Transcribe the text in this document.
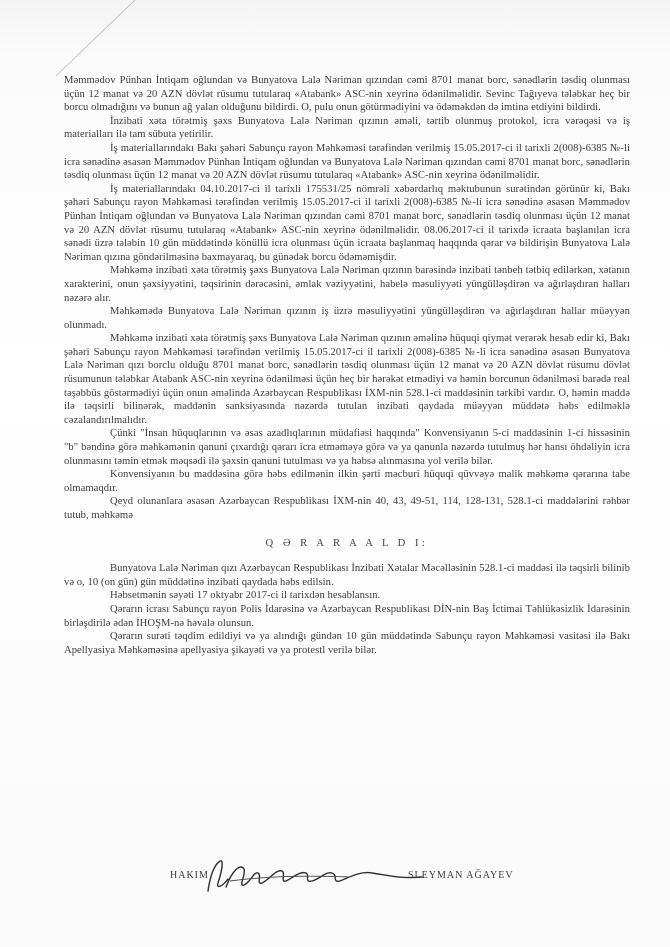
Məmmədov Pünhan İntiqam oğlundan və Bunyatova Lalə Nəriman qızından cəmi 8701 manat borc, sənədlərin təsdiq olunması üçün 12 manat və 20 AZN dövlət rüsumu tutularaq «Atabank» ASC-nin xeyrinə ödənilməlidir. Sevinc Tağıyeva tələbkar heç bir borcu olmadığını və bunun ağ yalan olduğunu bildirdi. O, pulu onun götürmədiyini və ödəməkdən də imtina etdiyini bildirdi.

İnzibati xəta törətmiş şəxs Bunyatova Lalə Nəriman qızının əməli, tərtib olunmuş protokol, icra vərəqəsi və iş materialları ilə tam sübuta yetirilir.

İş materiallarındakı Bakı şəhəri Sabunçu rayon Məhkəməsi tərəfindən verilmiş 15.05.2017-ci il tarixli 2(008)-6385 №-li icra sənədinə əsasən Məmmədov Pünhan İntiqam oğlundan və Bunyatova Lalə Nəriman qızından cəmi 8701 manat borc, sənədlərin təsdiq olunması üçün 12 manat və 20 AZN dövlət rüsumu tutularaq «Atabank» ASC-nin xeyrinə ödənilməlidir.

İş materiallarındakı 04.10.2017-ci il tarixli 175531/25 nömrəli xəbərdarlıq məktubunun surətindən görünür ki, Bakı şəhəri Sabunçu rayon Məhkəməsi tərəfindən verilmiş 15.05.2017-ci il tarixli 2(008)-6385 №-li icra sənədinə əsasən Məmmədov Pünhan İntiqam oğlundan və Bunyatova Lalə Nəriman qızından cəmi 8701 manat borc, sənədlərin təsdiq olunması üçün 12 manat və 20 AZN dövlət rüsumu tutularaq «Atabank» ASC-nin xeyrinə ödənilməlidir. 08.06.2017-ci il tarixdə icraata başlanılan icra sənədi üzrə tələbin 10 gün müddətində könüllü icra olunması üçün icraata başlanmaq haqqında qərar və bildirişin Bunyatova Lalə Nəriman qızına göndərilməsinə baxmayaraq, bu günədək borcu ödəməmişdir.

Məhkəmə inzibati xəta törətmiş şəxs Bunyatova Lalə Nəriman qızının barəsində inzibati tənbeh tətbiq edilərkən, xətanın xarakterini, onun şəxsiyyətini, təqsirinin dərəcəsini, əmlak vəziyyətini, habelə məsuliyyəti yüngülləşdirən və ağırlaşdıran halları nəzərə alır.

Məhkəmədə Bunyatova Lalə Nəriman qızının iş üzrə məsuliyyətini yüngülləşdirən və ağırlaşdıran hallar müəyyən olunmadı.

Məhkəmə inzibati xəta törətmiş şəxs Bunyatova Lalə Nəriman qızının əməlinə hüquqi qiymət verərək hesab edir ki, Bakı şəhəri Sabunçu rayon Məhkəməsi tərəfindən verilmiş 15.05.2017-ci il tarixli 2(008)-6385 №-li icra sənədinə əsasən Bunyatova Lalə Nəriman qızı borclu olduğu 8701 manat borc, sənədlərin təsdiq olunması üçün 12 manat və 20 AZN dövlət rüsumu dövlət rüsumunun tələbkar Atabank ASC-nin xeyrinə ödənilməsi üçün heç bir hərəkət etmədiyi və həmin borcunun ödənilməsi barədə real təşəbbüs göstərmədiyi üçün onun əməlində Azərbaycan Respublikası İXM-nin 528.1-ci maddəsinin tərkibi vardır. O, həmin maddə ilə təqsirli bilinərək, maddənin sanksiyasında nəzərdə tutulan inzibati qaydada müəyyən müddətə həbs edilməklə cəzalandırılmalıdır.

Çünki "İnsan hüquqlarının və əsas azadlıqlarının müdafiəsi haqqında" Konvensiyanın 5-ci maddəsinin 1-ci hissəsinin "b" bəndinə görə məhkəmənin qanuni çıxardığı qərarı icra etməməyə görə və ya qanunla nəzərdə tutulmuş hər hansı öhdəliyin icra olunmasını təmin etmək məqsədi ilə şəxsin qanuni tutulması və ya həbsə alınmasına yol verilə bilər.

Konvensiyanın bu maddəsinə görə həbs edilmənin ilkin şərti məcburi hüquqi qüvvəyə malik məhkəmə qərarına tabe olmamaqdır.

Qeyd olunanlara əsasən Azərbaycan Respublikası İXM-nin 40, 43, 49-51, 114, 128-131, 528.1-ci maddələrini rəhbər tutub, məhkəmə

Q Ə R A R A A L D I:

Bunyatova Lalə Nəriman qızı Azərbaycan Respublikası İnzibati Xətalar Məcəlləsinin 528.1-ci maddəsi ilə təqsirli bilinib və o, 10 (on gün) gün müddətinə inzibati qaydada həbs edilsin.

Həbsetmənin səyəti 17 oktyabr 2017-ci il tarixdən hesablansın.

Qərarın icrası Sabunçu rayon Polis İdarəsinə və Azərbaycan Respublikası DİN-nin Baş İctimai Təhlükəsizlik İdarəsinin birləşdirilə ədən İHOŞM-nə həvalə olunsun.

Qərarın surəti təqdim edildiyi və ya alındığı gündən 10 gün müddətində Sabunçu rayon Məhkəməsi vasitəsi ilə Bakı Apellyasiya Məhkəməsinə apellyasiya şikayəti və ya protestl verilə bilər.

HAKIM	SLEYMAN AĞAYEV
